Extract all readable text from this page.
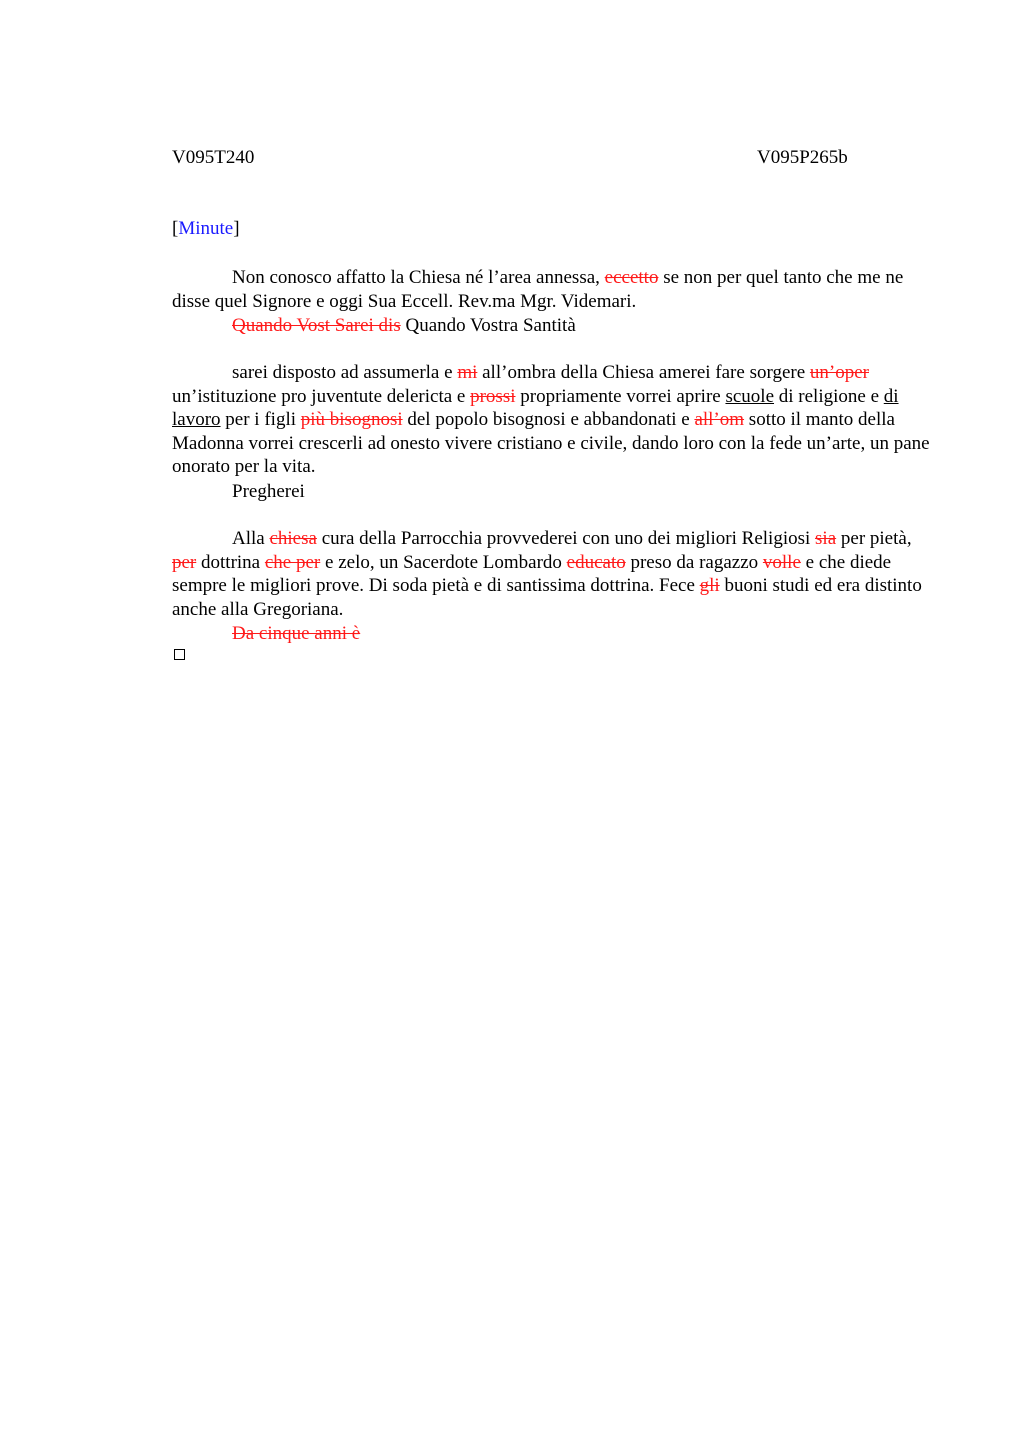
V095T240	V095P265b
[Minute]

Non conosco affatto la Chiesa né l’area annessa, eccetto se non per quel tanto che me ne disse quel Signore e oggi Sua Eccell. Rev.ma Mgr. Videmari.

Quando Vost Sarei dis Quando Vostra Santità

sarei disposto ad assumerla e mi all’ombra della Chiesa amerei fare sorgere un’oper un’istituzione pro juventute delericta e prossi propriamente vorrei aprire scuole di religione e di lavoro per i figli più bisognosi del popolo bisognosi e abbandonati e all’om sotto il manto della Madonna vorrei crescerli ad onesto vivere cristiano e civile, dando loro con la fede un’arte, un pane onorato per la vita.

Pregherei

Alla chiesa cura della Parrocchia provvederei con uno dei migliori Religiosi sia per pietà, per dottrina che per e zelo, un Sacerdote Lombardo educato preso da ragazzo volle e che diede sempre le migliori prove. Di soda pietà e di santissima dottrina. Fece gli buoni studi ed era distinto anche alla Gregoriana.

Da cinque anni è
